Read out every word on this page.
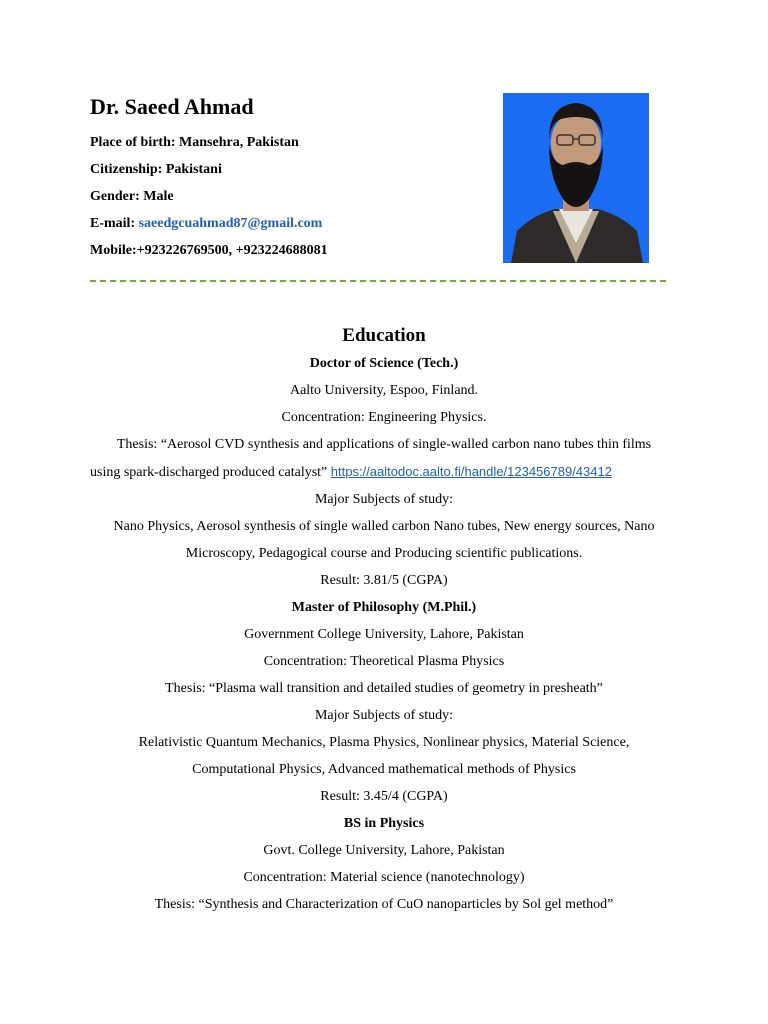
Dr. Saeed Ahmad
Place of birth: Mansehra, Pakistan
Citizenship: Pakistani
Gender: Male
E-mail: saeedgcuahmad87@gmail.com
Mobile:+923226769500, +923224688081
Education
Doctor of Science (Tech.)
Aalto University, Espoo, Finland.
Concentration: Engineering Physics.
Thesis: “Aerosol CVD synthesis and applications of single-walled carbon nano tubes thin films
using spark-discharged produced catalyst” https://aaltodoc.aalto.fi/handle/123456789/43412
Major Subjects of study:
Nano Physics, Aerosol synthesis of single walled carbon Nano tubes, New energy sources, Nano
Microscopy, Pedagogical course and Producing scientific publications.
Result: 3.81/5 (CGPA)
Master of Philosophy (M.Phil.)
Government College University, Lahore, Pakistan
Concentration: Theoretical Plasma Physics
Thesis: “Plasma wall transition and detailed studies of geometry in presheath”
Major Subjects of study:
Relativistic Quantum Mechanics, Plasma Physics, Nonlinear physics, Material Science,
Computational Physics, Advanced mathematical methods of Physics
Result: 3.45/4 (CGPA)
BS in Physics
Govt. College University, Lahore, Pakistan
Concentration: Material science (nanotechnology)
Thesis: “Synthesis and Characterization of CuO nanoparticles by Sol gel method”
